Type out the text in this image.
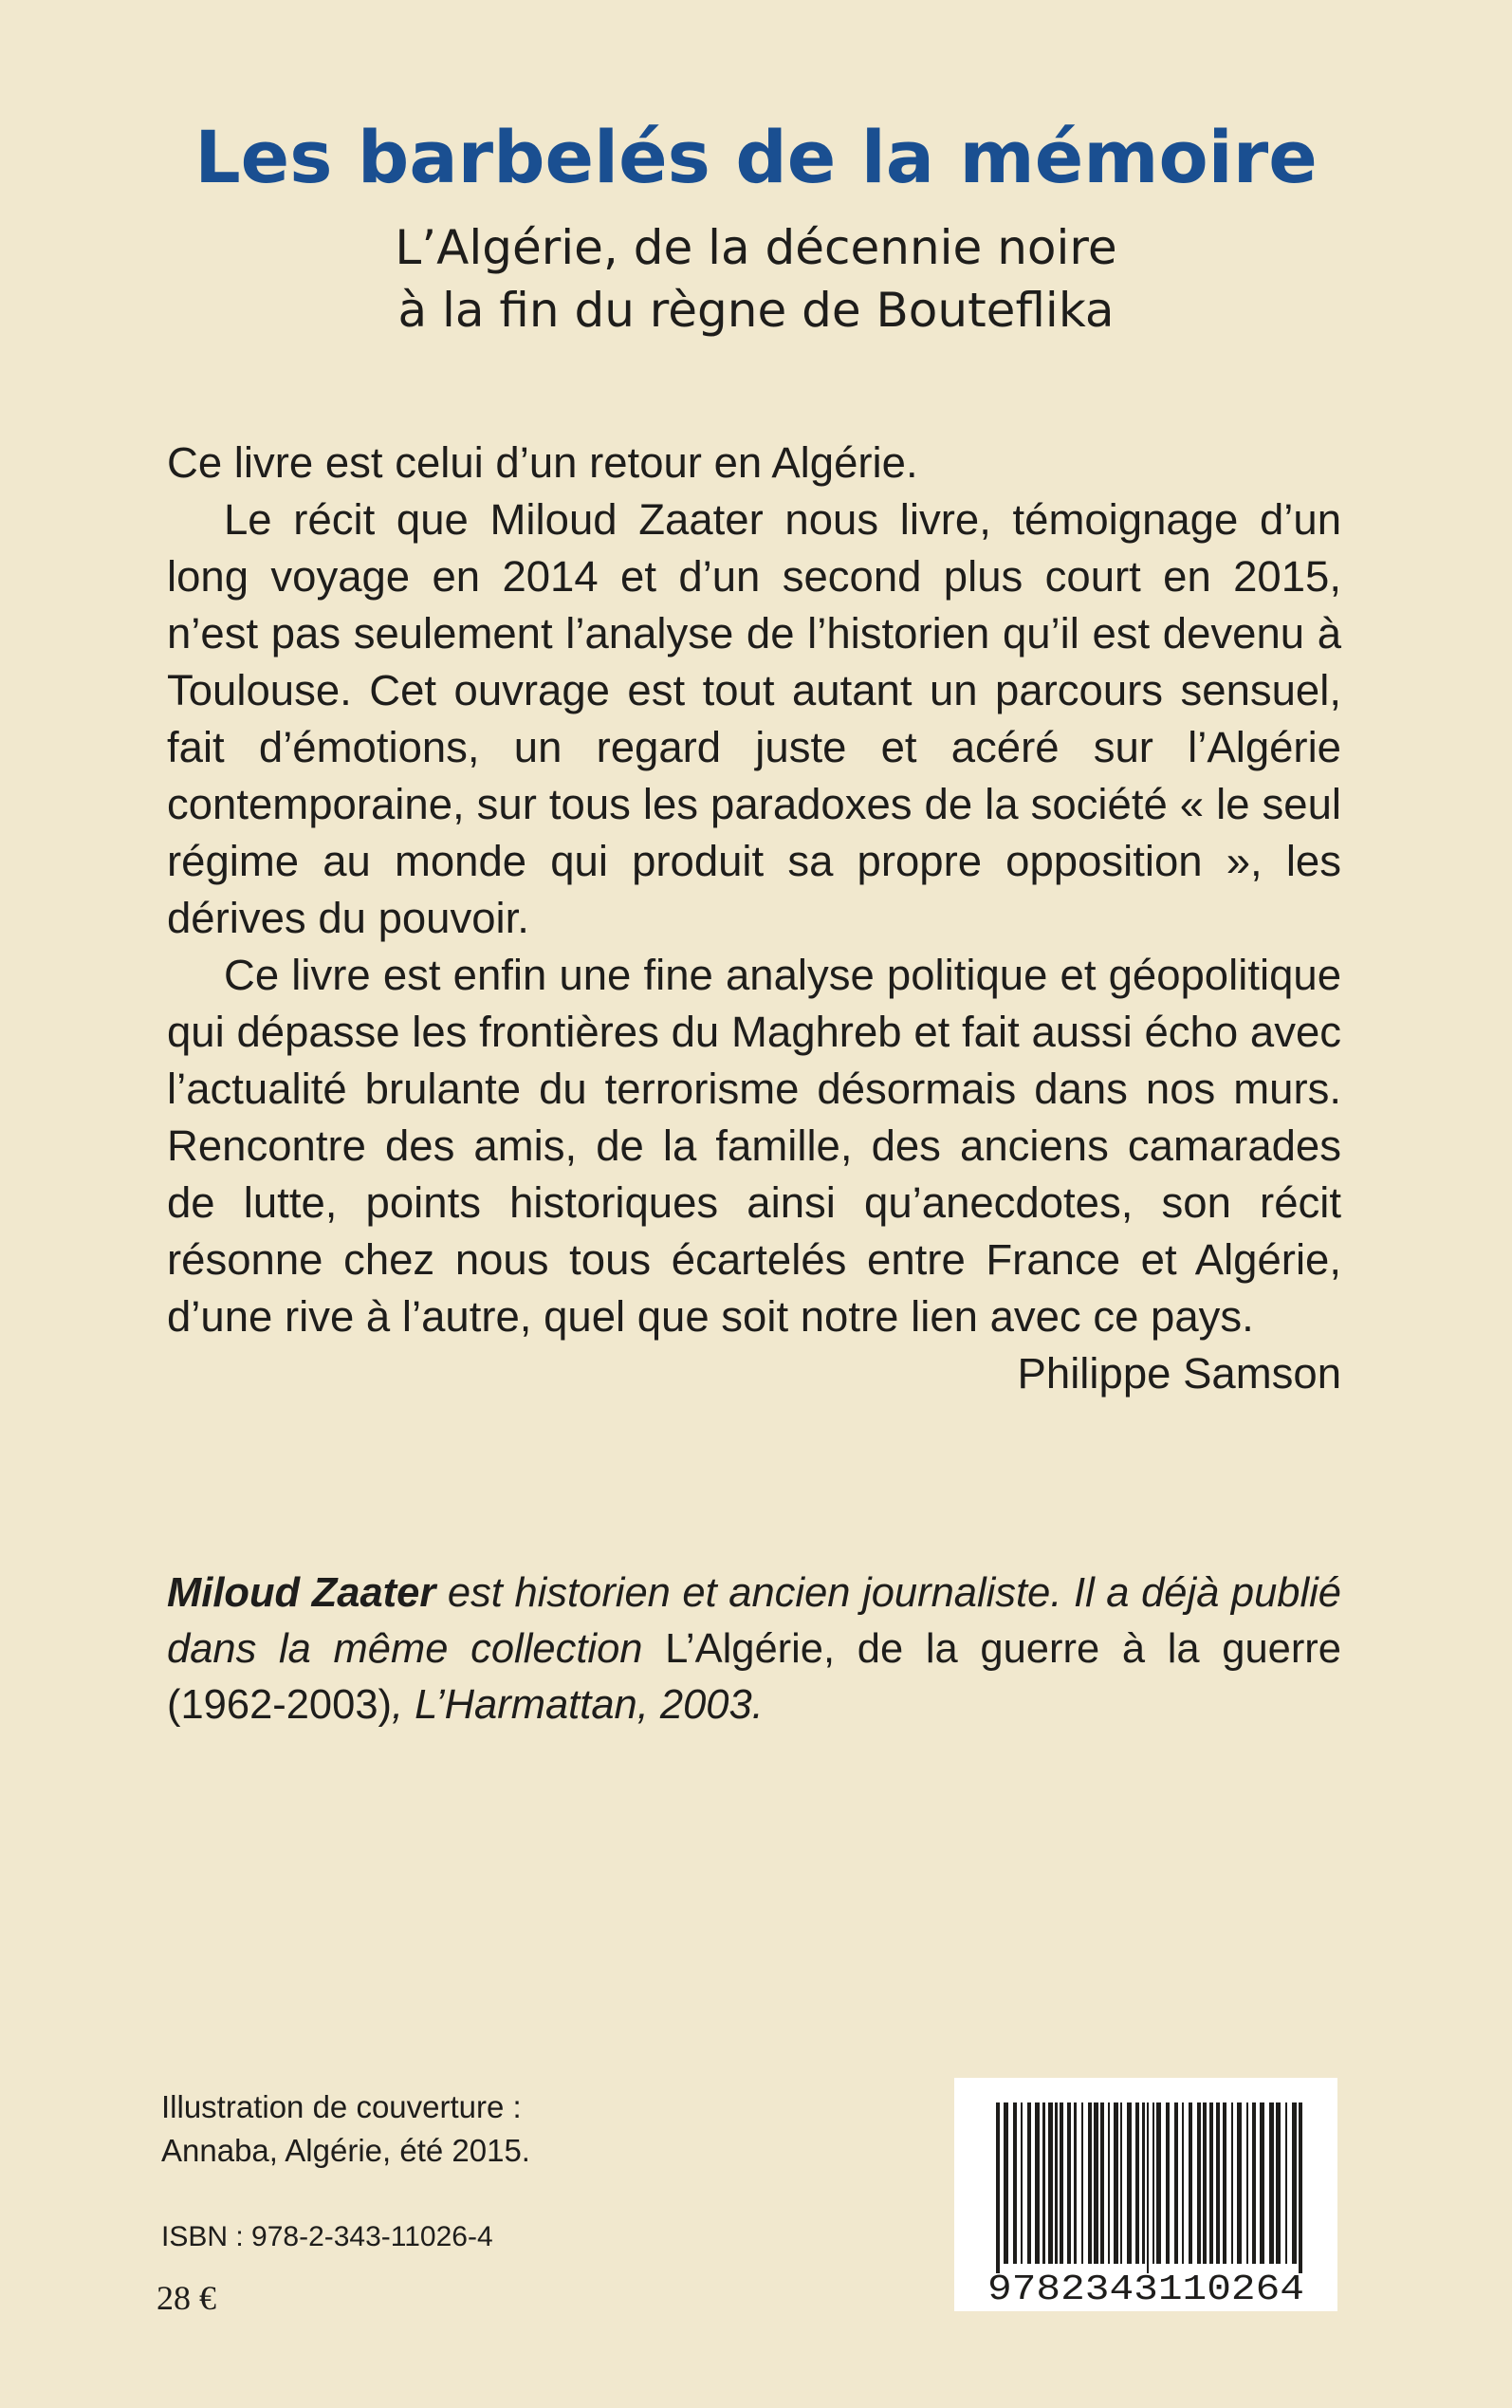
Les barbelés de la mémoire
L’Algérie, de la décennie noire
à la fin du règne de Bouteflika

Ce livre est celui d’un retour en Algérie.

Le récit que Miloud Zaater nous livre, témoignage d’un long voyage en 2014 et d’un second plus court en 2015, n’est pas seulement l’analyse de l’historien qu’il est devenu à Toulouse. Cet ouvrage est tout autant un parcours sensuel, fait d’émotions, un regard juste et acéré sur l’Algérie contemporaine, sur tous les paradoxes de la société « le seul régime au monde qui produit sa propre opposition », les dérives du pouvoir.

Ce livre est enfin une fine analyse politique et géopolitique qui dépasse les frontières du Maghreb et fait aussi écho avec l’actualité brulante du terrorisme désormais dans nos murs. Rencontre des amis, de la famille, des anciens camarades de lutte, points historiques ainsi qu’anecdotes, son récit résonne chez nous tous écartelés entre France et Algérie, d’une rive à l’autre, quel que soit notre lien avec ce pays.

Philippe Samson

Miloud Zaater est historien et ancien journaliste. Il a déjà publié dans la même collection L’Algérie, de la guerre à la guerre (1962-2003), L’Harmattan, 2003.

Illustration de couverture :
Annaba, Algérie, été 2015.

ISBN : 978-2-343-11026-4

28 €	9782343110264
